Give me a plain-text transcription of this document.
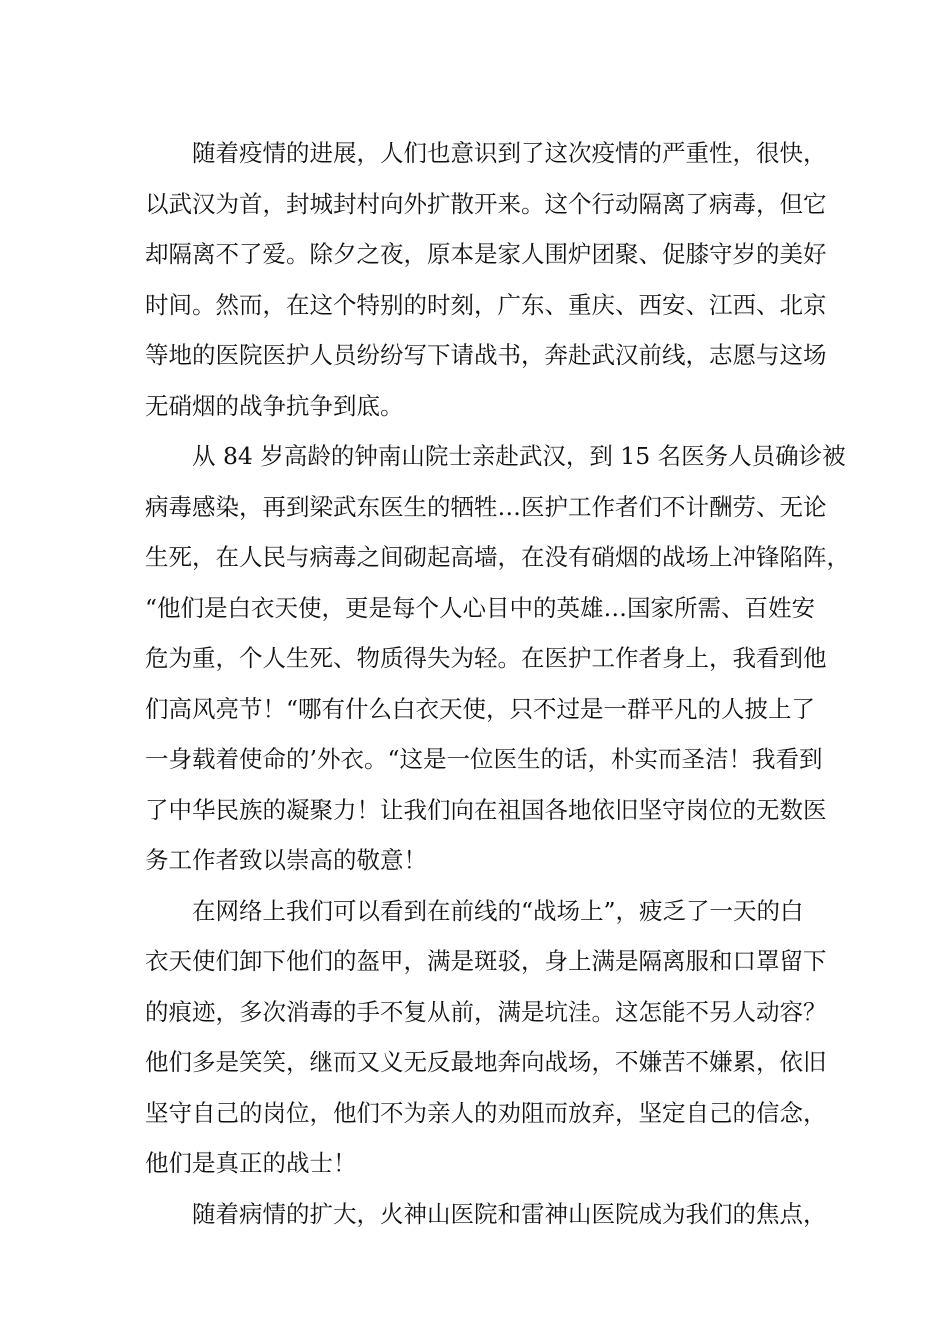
随着疫情的进展，人们也意识到了这次疫情的严重性，很快，
以武汉为首，封城封村向外扩散开来。这个行动隔离了病毒，但它
却隔离不了爱。除夕之夜，原本是家人围炉团聚、促膝守岁的美好
时间。然而，在这个特别的时刻，广东、重庆、西安、江西、北京
等地的医院医护人员纷纷写下请战书，奔赴武汉前线，志愿与这场
无硝烟的战争抗争到底。
从 84 岁高龄的钟南山院士亲赴武汉，到 15 名医务人员确诊被
病毒感染，再到梁武东医生的牺牲…医护工作者们不计酬劳、无论
生死，在人民与病毒之间砌起高墙，在没有硝烟的战场上冲锋陷阵，
“他们是白衣天使，更是每个人心目中的英雄…国家所需、百姓安
危为重，个人生死、物质得失为轻。在医护工作者身上，我看到他
们高风亮节！“哪有什么白衣天使，只不过是一群平凡的人披上了
一身载着使命的’外衣。“这是一位医生的话，朴实而圣洁！我看到
了中华民族的凝聚力！让我们向在祖国各地依旧坚守岗位的无数医
务工作者致以崇高的敬意！
在网络上我们可以看到在前线的“战场上”，疲乏了一天的白
衣天使们卸下他们的盔甲，满是斑驳，身上满是隔离服和口罩留下
的痕迹，多次消毒的手不复从前，满是坑洼。这怎能不另人动容？
他们多是笑笑，继而又义无反最地奔向战场，不嫌苦不嫌累，依旧
坚守自己的岗位，他们不为亲人的劝阻而放弃，坚定自己的信念，
他们是真正的战士！
随着病情的扩大，火神山医院和雷神山医院成为我们的焦点，
